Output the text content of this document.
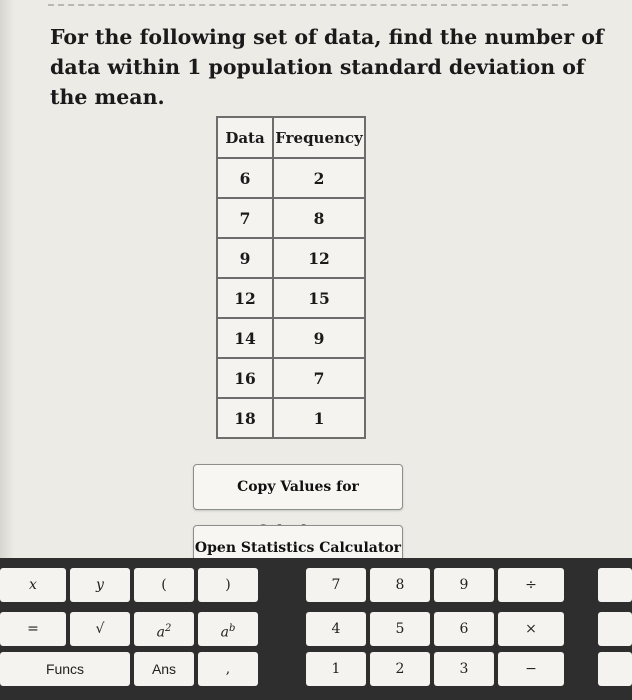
For the following set of data, find the number of data within 1 population standard deviation of the mean.
Data	Frequency
6	2
7	8
9	12
12	15
14	9
16	7
18	1
Copy Values for
Open Statistics Calculator
x	y	(	)	7	8	9	÷
=	√	$a^2$	$a^b$	4	5	6	×
Funcs	Ans	,	1	2	3	−
